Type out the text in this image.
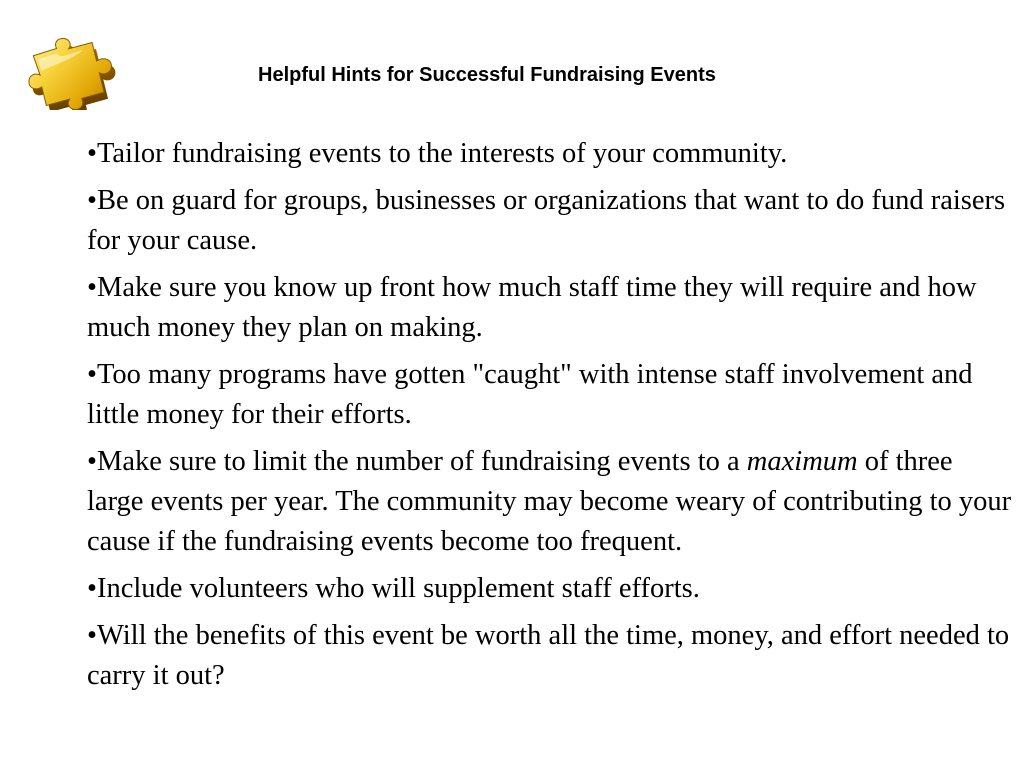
Helpful Hints for Successful Fundraising Events
• Tailor fundraising events to the interests of your community.
• Be on guard for groups, businesses or organizations that want to do fund raisers for your cause.
• Make sure you know up front how much staff time they will require and how much money they plan on making.
• Too many programs have gotten "caught" with intense staff involvement and little money for their efforts.
• Make sure to limit the number of fundraising events to a maximum of three large events per year. The community may become weary of contributing to your cause if the fundraising events become too frequent.
• Include volunteers who will supplement staff efforts.
• Will the benefits of this event be worth all the time, money, and effort needed to carry it out?
